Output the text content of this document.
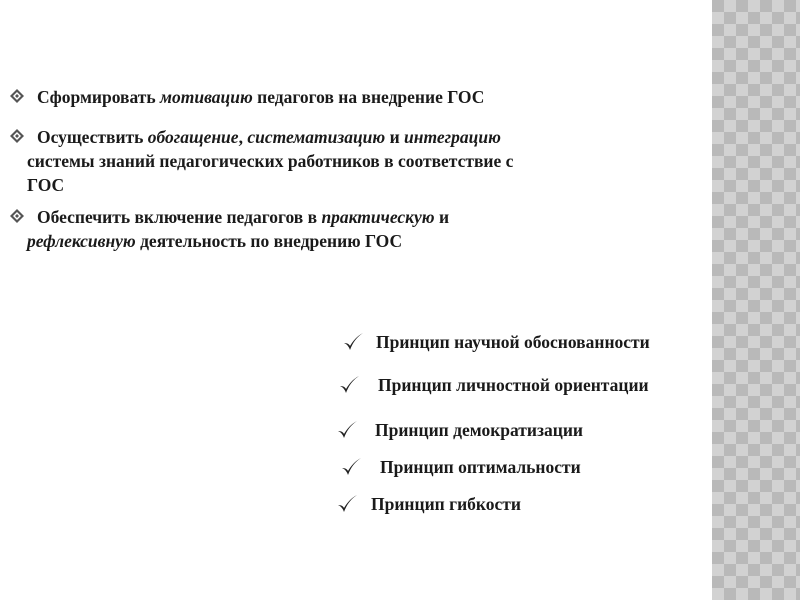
Сформировать мотивацию педагогов на внедрение ГОС
Осуществить обогащение, систематизацию и интеграцию
системы знаний педагогических работников в соответствие с
ГОС
Обеспечить включение педагогов в практическую и
рефлексивную деятельность по внедрению ГОС
Принцип научной обоснованности
Принцип личностной ориентации
Принцип демократизации
Принцип оптимальности
Принцип гибкости
